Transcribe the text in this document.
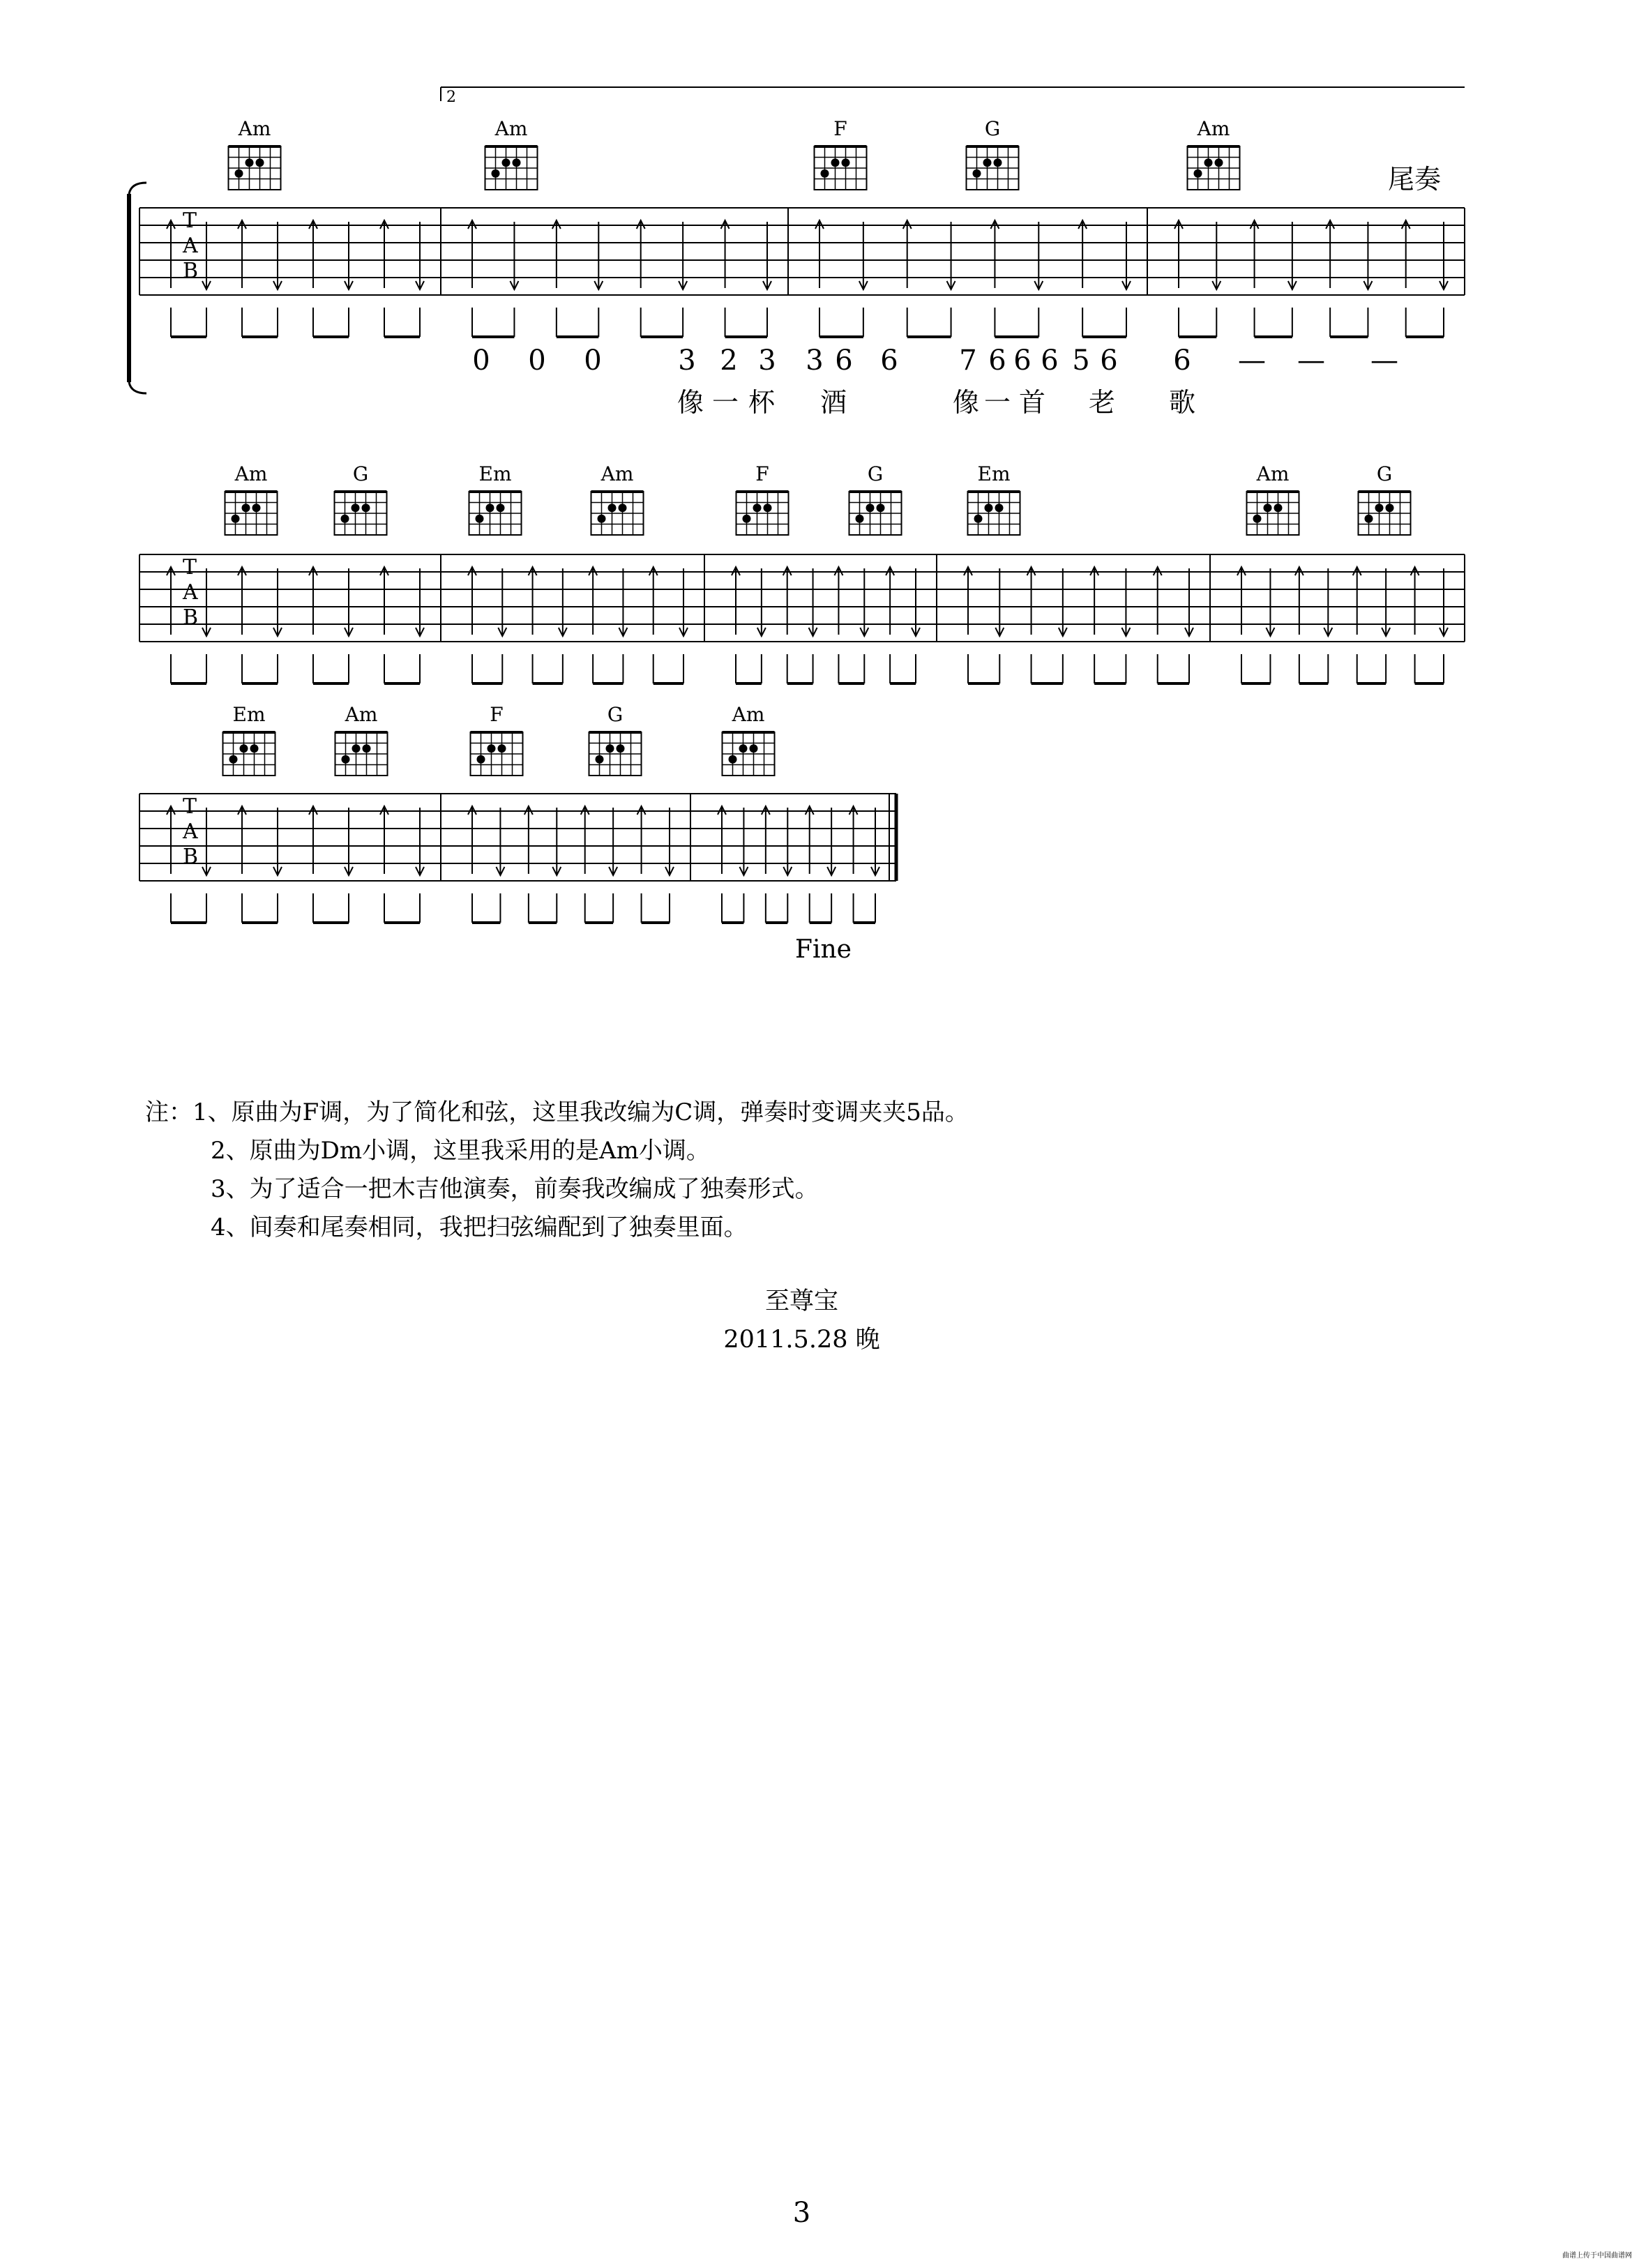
2
尾奏
T
A
B
Am	Am	F	G	Am
T
A
B
Am	G	Em	Am	F	G	Em	Am	G
T
A
B
Em	Am	F	G	Am
0 0 0	3 2 3 3 6 6 7 6 6 6 5 6 6 — — —
像 一 杯 酒	像 一 首 老 歌
Fine
注：1、原曲为F调，为了简化和弦，这里我改编为C调，弹奏时变调夹夹5品。
2、原曲为Dm小调，这里我采用的是Am小调。
3、为了适合一把木吉他演奏，前奏我改编成了独奏形式。
4、间奏和尾奏相同，我把扫弦编配到了独奏里面。
至尊宝
2011.5.28 晚
3
曲谱上传于中国曲谱网
